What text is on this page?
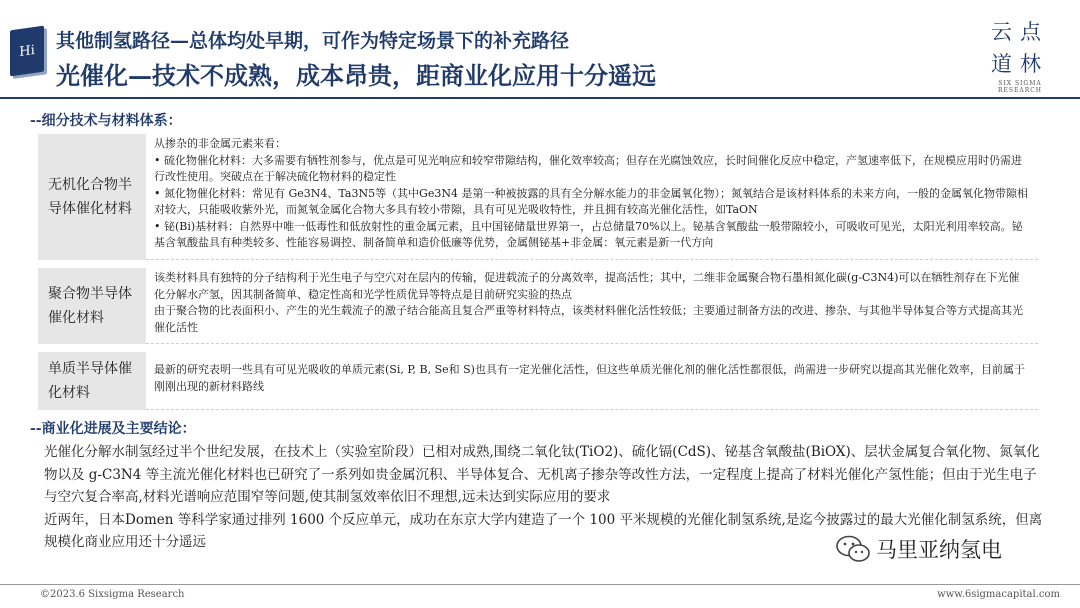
Hi 其他制氢路径—总体均处早期，可作为特定场景下的补充路径
光催化—技术不成熟，成本昂贵，距商业化应用十分遥远
云点
道林
SIX SIGMA RESEARCH
--细分技术与材料体系：
无机化合物半导体催化材料
从掺杂的非金属元素来看：
• 硫化物催化材料：大多需要有牺牲剂参与，优点是可见光响应和较窄带隙结构，催化效率较高；但存在光腐蚀效应，长时间催化反应中稳定，产氢速率低下，在规模应用时仍需进行改性使用。突破点在于解决硫化物材料的稳定性
• 氮化物催化材料：常见有 Ge3N4、Ta3N5等（其中Ge3N4 是第一种被披露的具有全分解水能力的非金属氧化物）；氮氧结合是该材料体系的未来方向，一般的金属氧化物带隙相对较大，只能吸收紫外光，而氮氧金属化合物大多具有较小带隙，具有可见光吸收特性，并且拥有较高光催化活性，如TaON
• 铋(Bi)基材料：自然界中唯一低毒性和低放射性的重金属元素，且中国铋储量世界第一，占总储量70%以上。铋基含氧酸盐一般带隙较小，可吸收可见光，太阳光利用率较高。铋基含氧酸盐具有种类较多、性能容易调控、制备简单和造价低廉等优势，金属侧铋基+非金属：氧元素是新一代方向
聚合物半导体催化材料
该类材料具有独特的分子结构利于光生电子与空穴对在层内的传输，促进载流子的分离效率，提高活性；其中，二维非金属聚合物石墨相氮化碳(g-C3N4)可以在牺牲剂存在下光催化分解水产氢，因其制备简单、稳定性高和光学性质优异等特点是目前研究实验的热点
由于聚合物的比表面积小、产生的光生载流子的激子结合能高且复合严重等材料特点，该类材料催化活性较低；主要通过制备方法的改进、掺杂、与其他半导体复合等方式提高其光催化活性
单质半导体催化材料
最新的研究表明一些具有可见光吸收的单质元素(Si, P, B, Se和 S)也具有一定光催化活性，但这些单质光催化剂的催化活性都很低，尚需进一步研究以提高其光催化效率，目前属于刚刚出现的新材料路线
--商业化进展及主要结论：
光催化分解水制氢经过半个世纪发展，在技术上（实验室阶段）已相对成熟,围绕二氧化钛(TiO2)、硫化镉(CdS)、铋基含氧酸盐(BiOX)、层状金属复合氧化物、氮氧化物以及 g-C3N4 等主流光催化材料也已研究了一系列如贵金属沉积、半导体复合、无机离子掺杂等改性方法，一定程度上提高了材料光催化产氢性能；但由于光生电子与空穴复合率高,材料光谱响应范围窄等问题,使其制氢效率依旧不理想,远未达到实际应用的要求
近两年，日本Domen 等科学家通过排列 1600 个反应单元，成功在东京大学内建造了一个 100 平米规模的光催化制氢系统,是迄今披露过的最大光催化制氢系统，但离规模化商业应用还十分遥远	马里亚纳氢电
©2023.6 Sixsigma Research	www.6sigmacapital.com
